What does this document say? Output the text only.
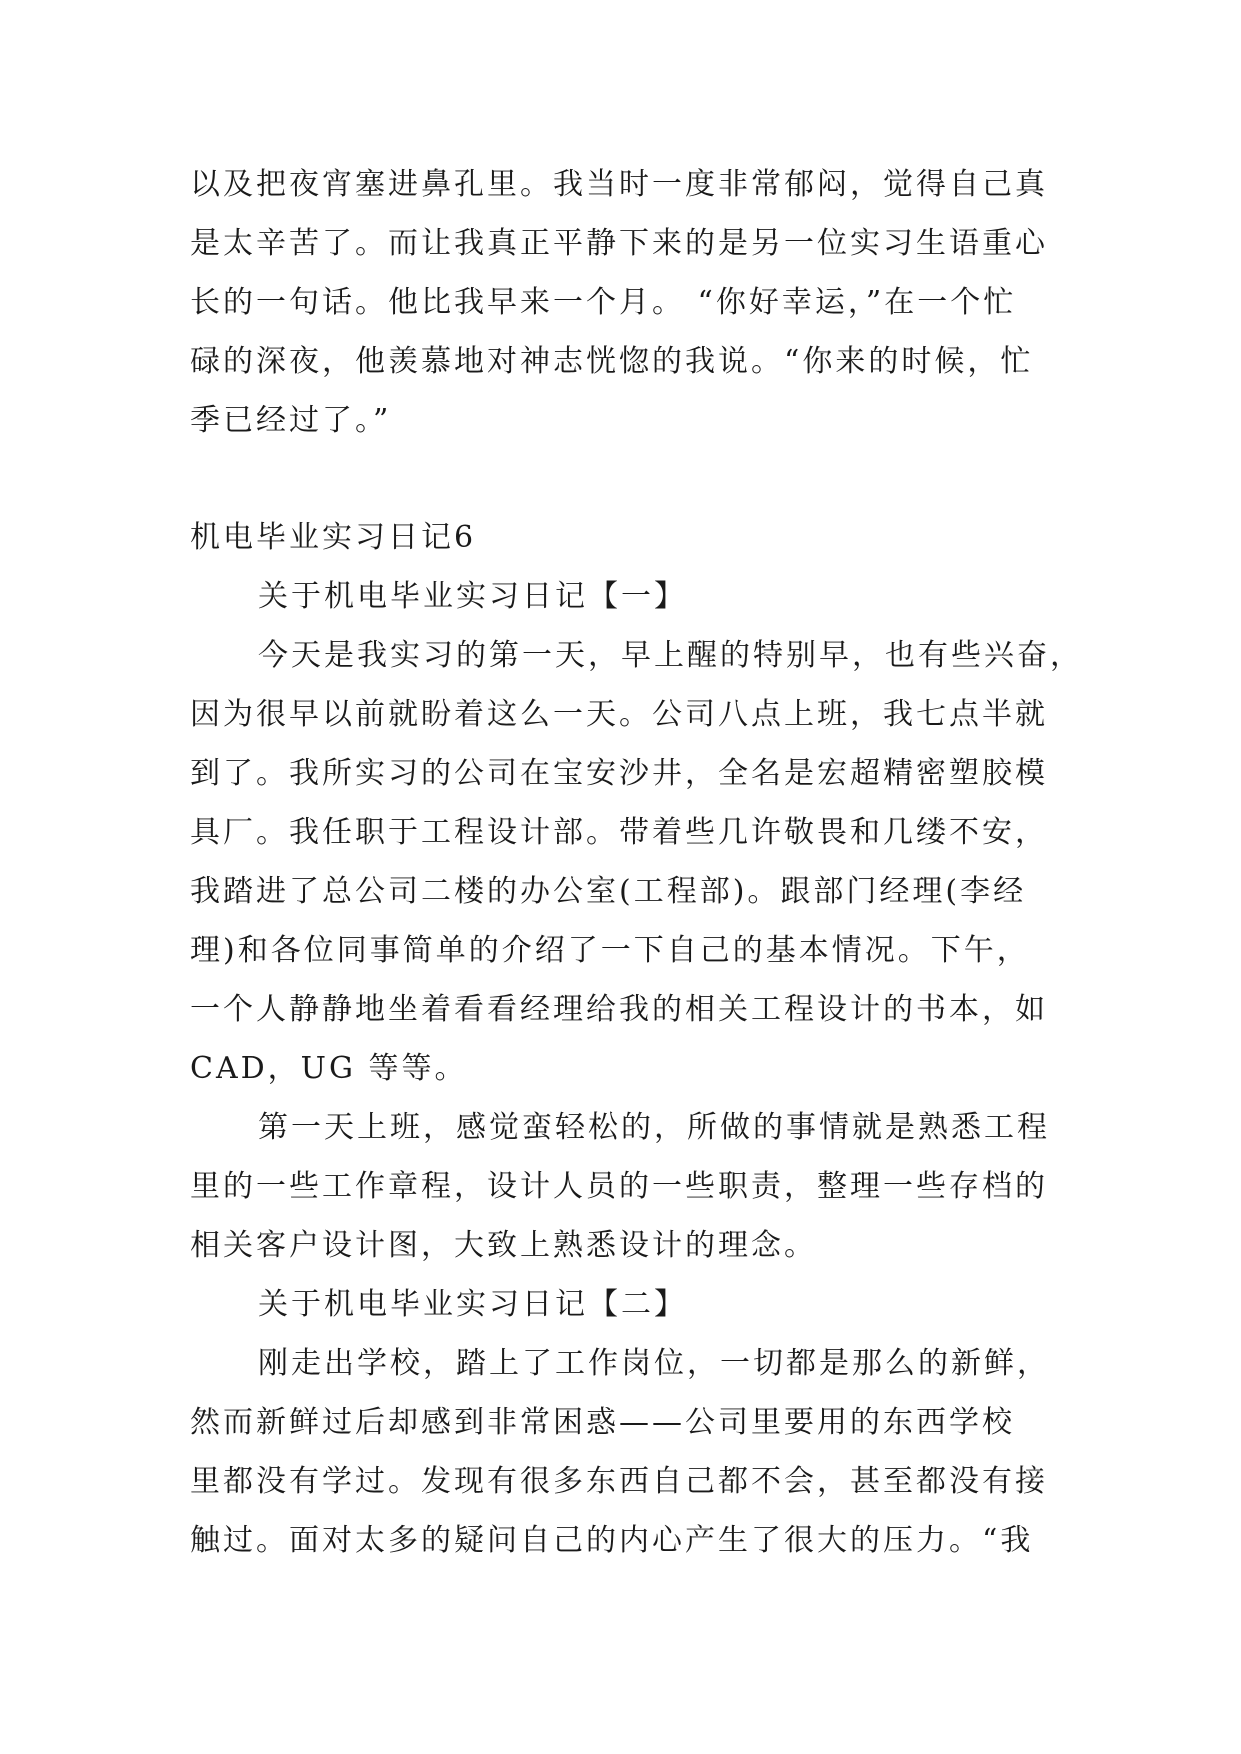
以及把夜宵塞进鼻孔里。我当时一度非常郁闷，觉得自己真
是太辛苦了。而让我真正平静下来的是另一位实习生语重心
长的一句话。他比我早来一个月。 “你好幸运，”在一个忙
碌的深夜，他羡慕地对神志恍惚的我说。“你来的时候，忙
季已经过了。”
机电毕业实习日记6
关于机电毕业实习日记【一】
今天是我实习的第一天，早上醒的特别早，也有些兴奋，
因为很早以前就盼着这么一天。公司八点上班，我七点半就
到了。我所实习的公司在宝安沙井，全名是宏超精密塑胶模
具厂。我任职于工程设计部。带着些几许敬畏和几缕不安，
我踏进了总公司二楼的办公室(工程部)。跟部门经理(李经
理)和各位同事简单的介绍了一下自己的基本情况。下午，
一个人静静地坐着看看经理给我的相关工程设计的书本，如
CAD，UG 等等。
第一天上班，感觉蛮轻松的，所做的事情就是熟悉工程
里的一些工作章程，设计人员的一些职责，整理一些存档的
相关客户设计图，大致上熟悉设计的理念。
关于机电毕业实习日记【二】
刚走出学校，踏上了工作岗位，一切都是那么的新鲜，
然而新鲜过后却感到非常困惑——公司里要用的东西学校
里都没有学过。发现有很多东西自己都不会，甚至都没有接
触过。面对太多的疑问自己的内心产生了很大的压力。“我
